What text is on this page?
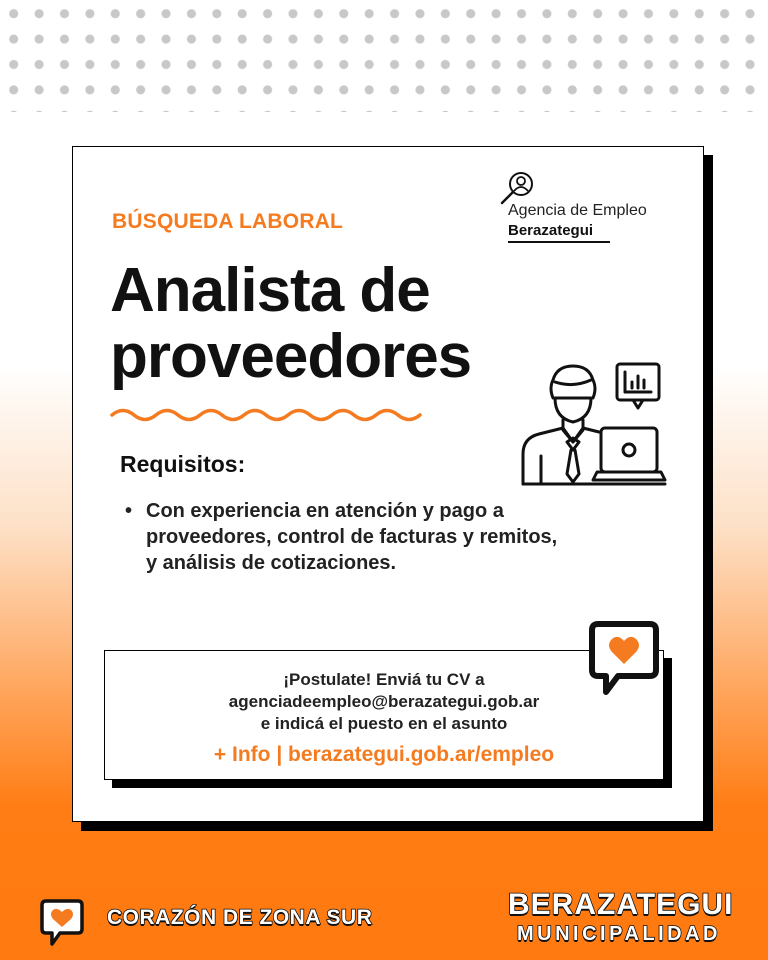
BÚSQUEDA LABORAL
Analista de
proveedores
Agencia de Empleo
Berazategui
Requisitos:
• Con experiencia en atención y pago a proveedores, control de facturas y remitos, y análisis de cotizaciones.
¡Postulate! Enviá tu CV a
agenciadeempleo@berazategui.gob.ar
e indicá el puesto en el asunto
+ Info | berazategui.gob.ar/empleo
CORAZÓN DE ZONA SUR	BERAZATEGUI
MUNICIPALIDAD
